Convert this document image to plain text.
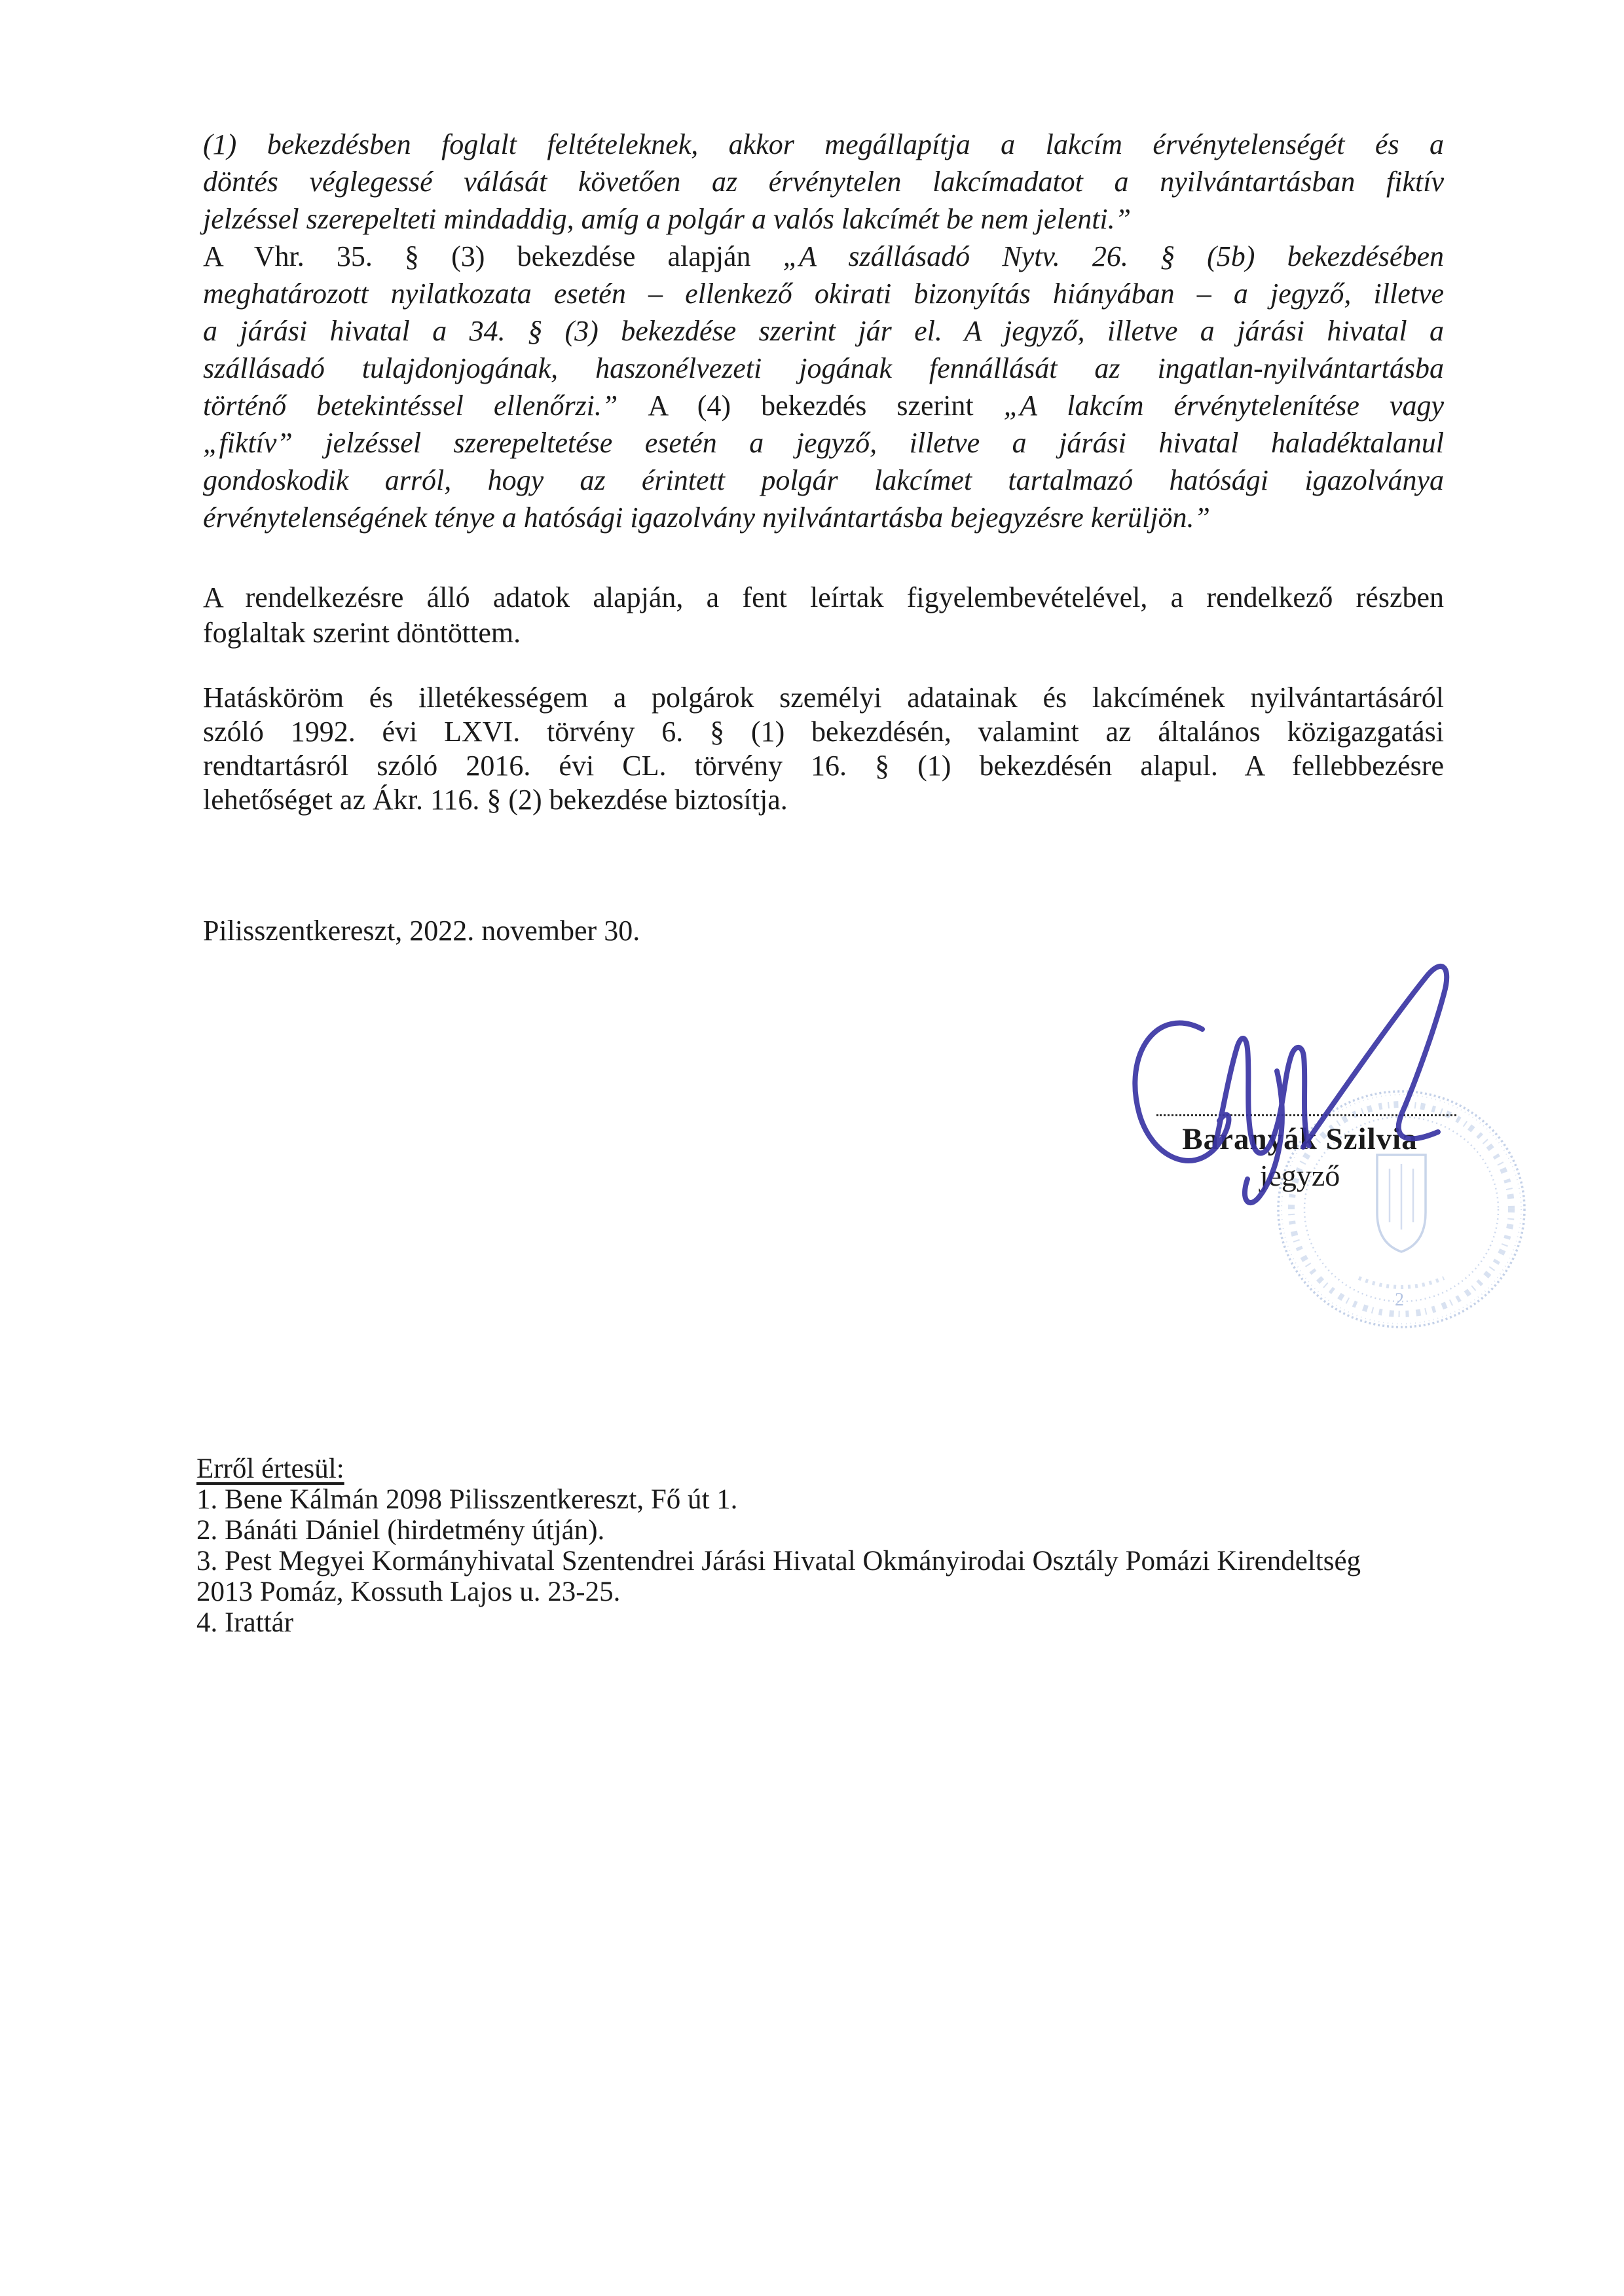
(1) bekezdésben foglalt feltételeknek, akkor megállapítja a lakcím érvénytelenségét és a
döntés véglegessé válását követően az érvénytelen lakcímadatot a nyilvántartásban fiktív
jelzéssel szerepelteti mindaddig, amíg a polgár a valós lakcímét be nem jelenti.”
A Vhr. 35. § (3) bekezdése alapján „A szállásadó Nytv. 26. § (5b) bekezdésében
meghatározott nyilatkozata esetén – ellenkező okirati bizonyítás hiányában – a jegyző, illetve
a járási hivatal a 34. § (3) bekezdése szerint jár el. A jegyző, illetve a járási hivatal a
szállásadó tulajdonjogának, haszonélvezeti jogának fennállását az ingatlan-nyilvántartásba
történő betekintéssel ellenőrzi.” A (4) bekezdés szerint „A lakcím érvénytelenítése vagy
„fiktív” jelzéssel szerepeltetése esetén a jegyző, illetve a járási hivatal haladéktalanul
gondoskodik arról, hogy az érintett polgár lakcímet tartalmazó hatósági igazolványa
érvénytelenségének ténye a hatósági igazolvány nyilvántartásba bejegyzésre kerüljön.”
A rendelkezésre álló adatok alapján, a fent leírtak figyelembevételével, a rendelkező részben
foglaltak szerint döntöttem.
Hatásköröm és illetékességem a polgárok személyi adatainak és lakcímének nyilvántartásáról
szóló 1992. évi LXVI. törvény 6. § (1) bekezdésén, valamint az általános közigazgatási
rendtartásról szóló 2016. évi CL. törvény 16. § (1) bekezdésén alapul. A fellebbezésre
lehetőséget az Ákr. 116. § (2) bekezdése biztosítja.
Pilisszentkereszt, 2022. november 30.
2
Baranyák Szilvia
jegyző
Erről értesül:
1. Bene Kálmán 2098 Pilisszentkereszt, Fő út 1.
2. Bánáti Dániel (hirdetmény útján).
3. Pest Megyei Kormányhivatal Szentendrei Járási Hivatal Okmányirodai Osztály Pomázi Kirendeltség
2013 Pomáz, Kossuth Lajos u. 23-25.
4. Irattár
